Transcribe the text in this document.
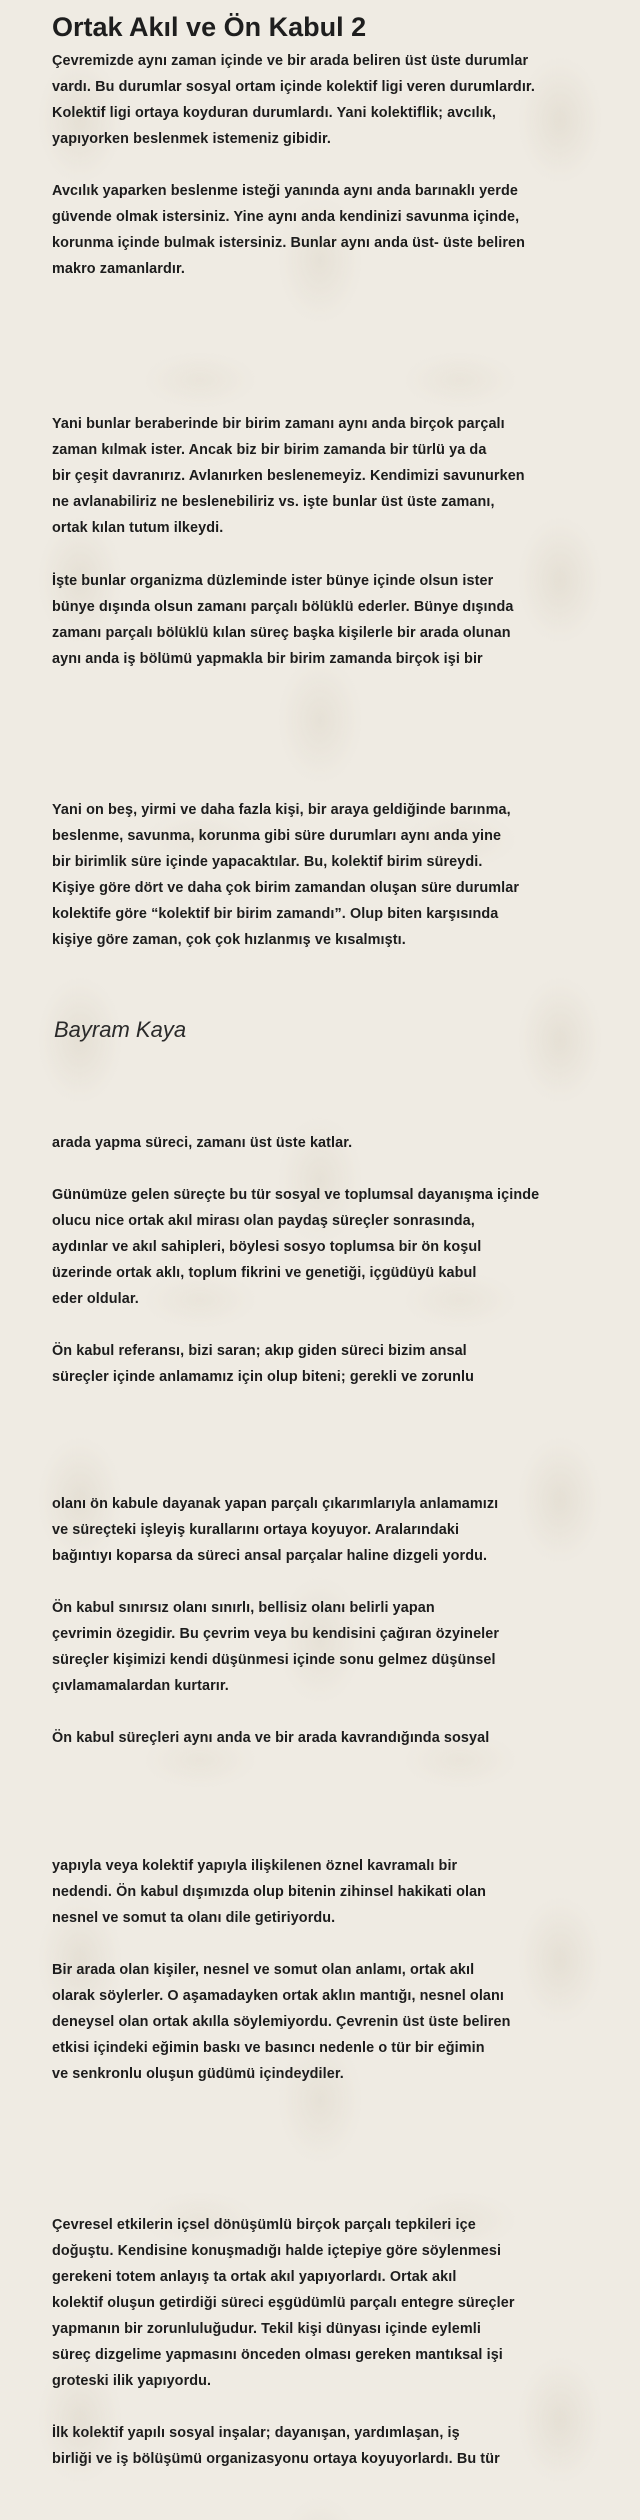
Ortak Akıl ve Ön Kabul 2

Çevremizde aynı zaman içinde ve bir arada beliren üst üste durumlar
vardı. Bu durumlar sosyal ortam içinde kolektif ligi veren durumlardır.
Kolektif ligi ortaya koyduran durumlardı. Yani kolektiflik; avcılık,
yapıyorken beslenmek istemeniz gibidir.

Avcılık yaparken beslenme isteği yanında aynı anda barınaklı yerde
güvende olmak istersiniz. Yine aynı anda kendinizi savunma içinde,
korunma içinde bulmak istersiniz. Bunlar aynı anda üst- üste beliren
makro zamanlardır.

Yani bunlar beraberinde bir birim zamanı aynı anda birçok parçalı
zaman kılmak ister. Ancak biz bir birim zamanda bir türlü ya da
bir çeşit davranırız. Avlanırken beslenemeyiz. Kendimizi savunurken
ne avlanabiliriz ne beslenebiliriz vs. işte bunlar üst üste zamanı,
ortak kılan tutum ilkeydi.

İşte bunlar organizma düzleminde ister bünye içinde olsun ister
bünye dışında olsun zamanı parçalı bölüklü ederler. Bünye dışında
zamanı parçalı bölüklü kılan süreç başka kişilerle bir arada olunan
aynı anda iş bölümü yapmakla bir birim zamanda birçok işi bir

Yani on beş, yirmi ve daha fazla kişi, bir araya geldiğinde barınma,
beslenme, savunma, korunma gibi süre durumları aynı anda yine
bir birimlik süre içinde yapacaktılar. Bu, kolektif birim süreydi.
Kişiye göre dört ve daha çok birim zamandan oluşan süre durumlar
kolektife göre “kolektif bir birim zamandı”. Olup biten karşısında
kişiye göre zaman, çok çok hızlanmış ve kısalmıştı.

Bayram Kaya

arada yapma süreci, zamanı üst üste katlar.

Günümüze gelen süreçte bu tür sosyal ve toplumsal dayanışma içinde
olucu nice ortak akıl mirası olan paydaş süreçler sonrasında,
aydınlar ve akıl sahipleri, böylesi sosyo toplumsa bir ön koşul
üzerinde ortak aklı, toplum fikrini ve genetiği, içgüdüyü kabul
eder oldular.

Ön kabul referansı, bizi saran; akıp giden süreci bizim ansal
süreçler içinde anlamamız için olup biteni; gerekli ve zorunlu

olanı ön kabule dayanak yapan parçalı çıkarımlarıyla anlamamızı
ve süreçteki işleyiş kurallarını ortaya koyuyor. Aralarındaki
bağıntıyı koparsa da süreci ansal parçalar haline dizgeli yordu.

Ön kabul sınırsız olanı sınırlı, bellisiz olanı belirli yapan
çevrimin özegidir. Bu çevrim veya bu kendisini çağıran özyineler
süreçler kişimizi kendi düşünmesi içinde sonu gelmez düşünsel
çıvlamamalardan kurtarır.

Ön kabul süreçleri aynı anda ve bir arada kavrandığında sosyal

yapıyla veya kolektif yapıyla ilişkilenen öznel kavramalı bir
nedendi. Ön kabul dışımızda olup bitenin zihinsel hakikati olan
nesnel ve somut ta olanı dile getiriyordu.

Bir arada olan kişiler, nesnel ve somut olan anlamı, ortak akıl
olarak söylerler. O aşamadayken ortak aklın mantığı, nesnel olanı
deneysel olan ortak akılla söylemiyordu. Çevrenin üst üste beliren
etkisi içindeki eğimin baskı ve basıncı nedenle o tür bir eğimin
ve senkronlu oluşun güdümü içindeydiler.

Çevresel etkilerin içsel dönüşümlü birçok parçalı tepkileri içe
doğuştu. Kendisine konuşmadığı halde içtepiye göre söylenmesi
gerekeni totem anlayış ta ortak akıl yapıyorlardı. Ortak akıl
kolektif oluşun getirdiği süreci eşgüdümlü parçalı entegre süreçler
yapmanın bir zorunluluğudur. Tekil kişi dünyası içinde eylemli
süreç dizgelime yapmasını önceden olması gereken mantıksal işi
groteski ilik yapıyordu.

İlk kolektif yapılı sosyal inşalar; dayanışan, yardımlaşan, iş
birliği ve iş bölüşümü organizasyonu ortaya koyuyorlardı. Bu tür
